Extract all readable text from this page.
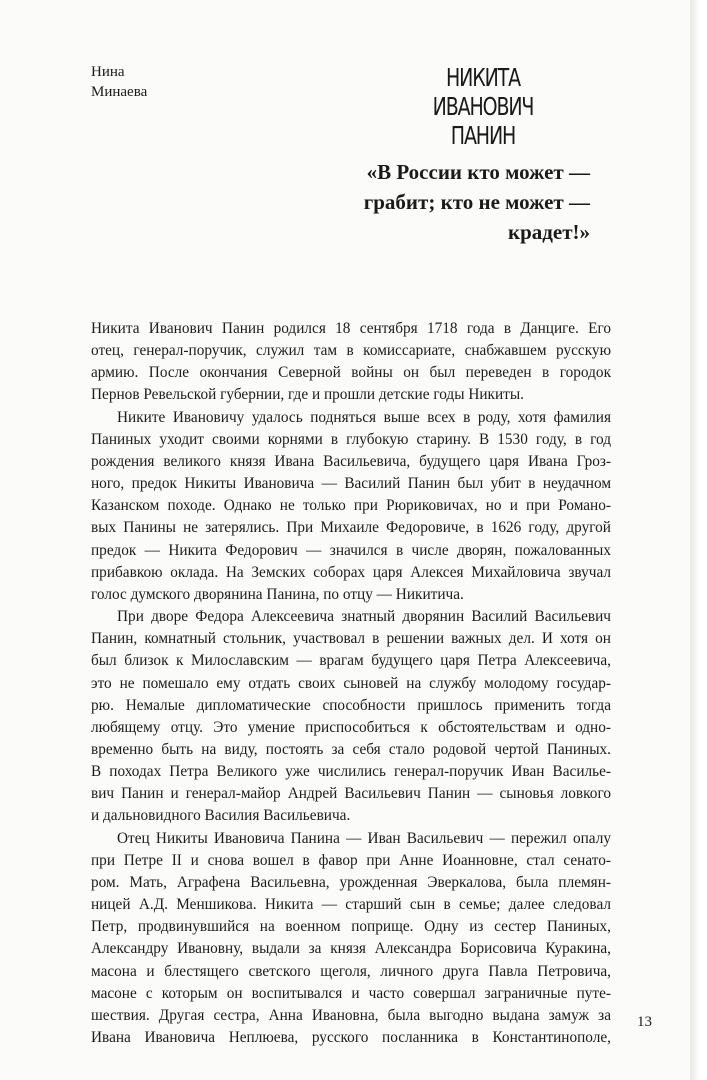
Нина
Минаева	НИКИТА
ИВАНОВИЧ
ПАНИН
«В России кто может —
грабит; кто не может —
крадет!»
Никита Иванович Панин родился 18 сентября 1718 года в Данциге. Его
отец, генерал-поручик, служил там в комиссариате, снабжавшем русскую
армию. После окончания Северной войны он был переведен в городок
Пернов Ревельской губернии, где и прошли детские годы Никиты.
Никите Ивановичу удалось подняться выше всех в роду, хотя фамилия
Паниных уходит своими корнями в глубокую старину. В 1530 году, в год
рождения великого князя Ивана Васильевича, будущего царя Ивана Гроз-
ного, предок Никиты Ивановича — Василий Панин был убит в неудачном
Казанском походе. Однако не только при Рюриковичах, но и при Романо-
вых Панины не затерялись. При Михаиле Федоровиче, в 1626 году, другой
предок — Никита Федорович — значился в числе дворян, пожалованных
прибавкою оклада. На Земских соборах царя Алексея Михайловича звучал
голос думского дворянина Панина, по отцу — Никитича.
При дворе Федора Алексеевича знатный дворянин Василий Васильевич
Панин, комнатный стольник, участвовал в решении важных дел. И хотя он
был близок к Милославским — врагам будущего царя Петра Алексеевича,
это не помешало ему отдать своих сыновей на службу молодому государ-
рю. Немалые дипломатические способности пришлось применить тогда
любящему отцу. Это умение приспособиться к обстоятельствам и одно-
временно быть на виду, постоять за себя стало родовой чертой Паниных.
В походах Петра Великого уже числились генерал-поручик Иван Василье-
вич Панин и генерал-майор Андрей Васильевич Панин — сыновья ловкого
и дальновидного Василия Васильевича.
Отец Никиты Ивановича Панина — Иван Васильевич — пережил опалу
при Петре II и снова вошел в фавор при Анне Иоанновне, стал сенато-
ром. Мать, Аграфена Васильевна, урожденная Эверкалова, была племян-
ницей А.Д. Меншикова. Никита — старший сын в семье; далее следовал
Петр, продвинувшийся на военном поприще. Одну из сестер Паниных,
Александру Ивановну, выдали за князя Александра Борисовича Куракина,
масона и блестящего светского щеголя, личного друга Павла Петровича,
масоне с которым он воспитывался и часто совершал заграничные путе-
шествия. Другая сестра, Анна Ивановна, была выгодно выдана замуж за
Ивана Ивановича Неплюева, русского посланника в Константинополе,
13
